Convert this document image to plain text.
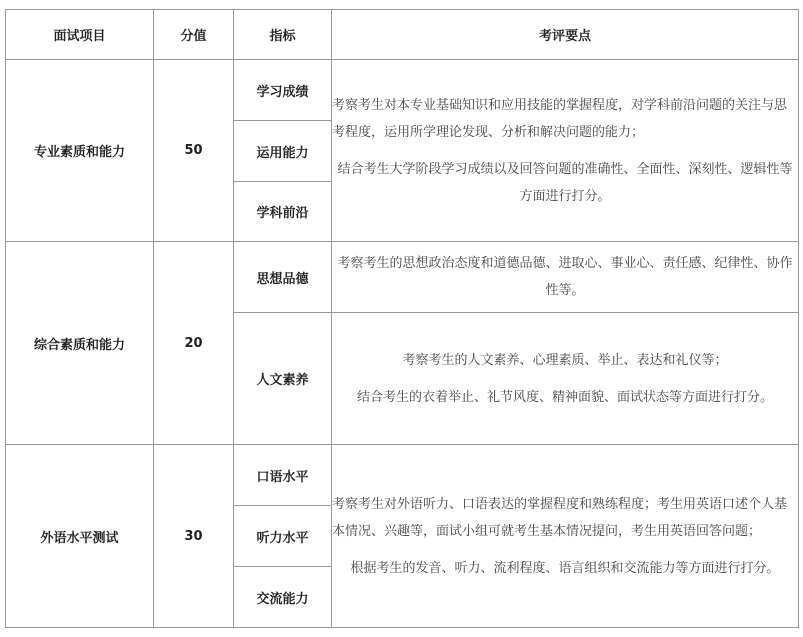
面试项目	分值	指标	考评要点
专业素质和能力	50	学习成绩	考察考生对本专业基础知识和应用技能的掌握程度，对学科前沿问题的关注与思考程度，运用所学理论发现、分析和解决问题的能力；

结合考生大学阶段学习成绩以及回答问题的准确性、全面性、深刻性、逻辑性等方面进行打分。

		运用能力	
		学科前沿	
综合素质和能力	20	思想品德	考察考生的思想政治态度和道德品德、进取心、事业心、责任感、纪律性、协作性等。

		人文素养	考察考生的人文素养、心理素质、举止、表达和礼仪等；

结合考生的衣着举止、礼节风度、精神面貌、面试状态等方面进行打分。

外语水平测试	30	口语水平	考察考生对外语听力、口语表达的掌握程度和熟练程度；考生用英语口述个人基本情况、兴趣等，面试小组可就考生基本情况提问，考生用英语回答问题；

根据考生的发音、听力、流利程度、语言组织和交流能力等方面进行打分。

		听力水平	
		交流能力	
